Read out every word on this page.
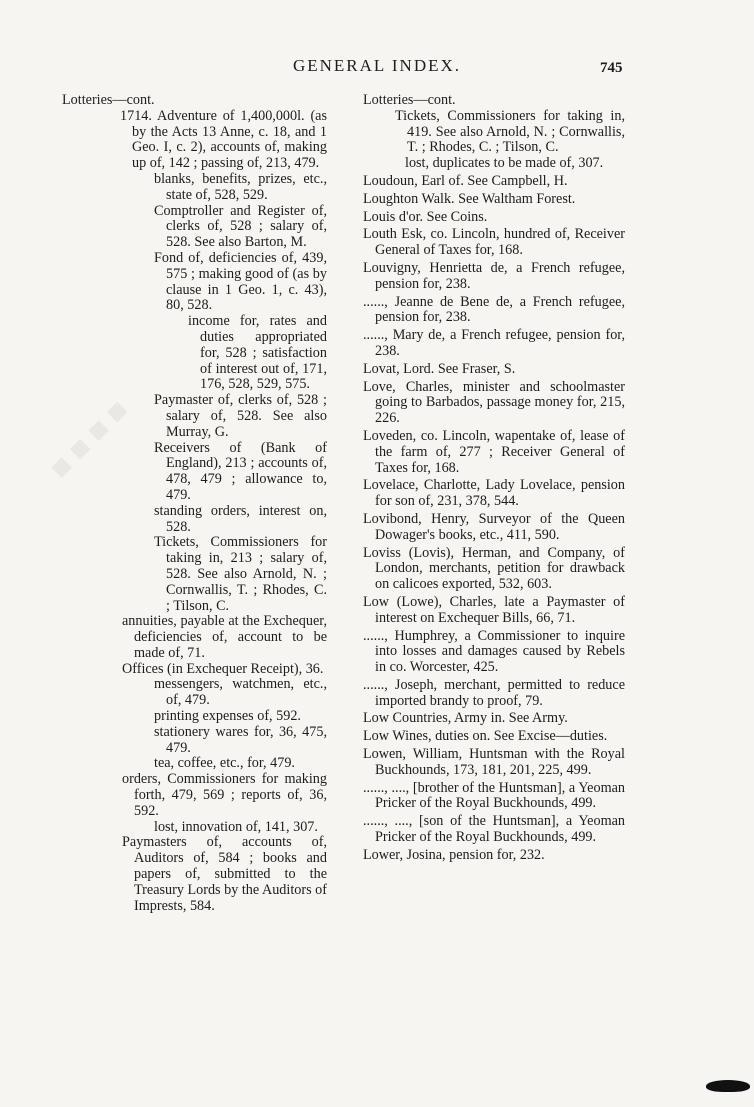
GENERAL INDEX.	745
■■■■

Lotteries—cont.

1714. Adventure of 1,400,000l. (as by the Acts 13 Anne, c. 18, and 1 Geo. I, c. 2), accounts of, making up of, 142 ; passing of, 213, 479.

blanks, benefits, prizes, etc., state of, 528, 529.

Comptroller and Register of, clerks of, 528 ; salary of, 528. See also Barton, M.

Fond of, deficiencies of, 439, 575 ; making good of (as by clause in 1 Geo. 1, c. 43), 80, 528.

income for, rates and duties appropriated for, 528 ; satisfaction of interest out of, 171, 176, 528, 529, 575.

Paymaster of, clerks of, 528 ; salary of, 528. See also Murray, G.

Receivers of (Bank of England), 213 ; accounts of, 478, 479 ; allowance to, 479.

standing orders, interest on, 528.

Tickets, Commissioners for taking in, 213 ; salary of, 528. See also Arnold, N. ; Cornwallis, T. ; Rhodes, C. ; Tilson, C.

annuities, payable at the Exchequer, deficiencies of, account to be made of, 71.

Offices (in Exchequer Receipt), 36.

messengers, watchmen, etc., of, 479.

printing expenses of, 592.

stationery wares for, 36, 475, 479.

tea, coffee, etc., for, 479.

orders, Commissioners for making forth, 479, 569 ; reports of, 36, 592.

lost, innovation of, 141, 307.

Paymasters of, accounts of, Auditors of, 584 ; books and papers of, submitted to the Treasury Lords by the Auditors of Imprests, 584.

Lotteries—cont.

Tickets, Commissioners for taking in, 419. See also Arnold, N. ; Cornwallis, T. ; Rhodes, C. ; Tilson, C.

lost, duplicates to be made of, 307.

Loudoun, Earl of. See Campbell, H.

Loughton Walk. See Waltham Forest.

Louis d'or. See Coins.

Louth Esk, co. Lincoln, hundred of, Receiver General of Taxes for, 168.

Louvigny, Henrietta de, a French refugee, pension for, 238.

......, Jeanne de Bene de, a French refugee, pension for, 238.

......, Mary de, a French refugee, pension for, 238.

Lovat, Lord. See Fraser, S.

Love, Charles, minister and schoolmaster going to Barbados, passage money for, 215, 226.

Loveden, co. Lincoln, wapentake of, lease of the farm of, 277 ; Receiver General of Taxes for, 168.

Lovelace, Charlotte, Lady Lovelace, pension for son of, 231, 378, 544.

Lovibond, Henry, Surveyor of the Queen Dowager's books, etc., 411, 590.

Loviss (Lovis), Herman, and Company, of London, merchants, petition for drawback on calicoes exported, 532, 603.

Low (Lowe), Charles, late a Paymaster of interest on Exchequer Bills, 66, 71.

......, Humphrey, a Commissioner to inquire into losses and damages caused by Rebels in co. Worcester, 425.

......, Joseph, merchant, permitted to reduce imported brandy to proof, 79.

Low Countries, Army in. See Army.

Low Wines, duties on. See Excise—duties.

Lowen, William, Huntsman with the Royal Buckhounds, 173, 181, 201, 225, 499.

......, ...., [brother of the Huntsman], a Yeoman Pricker of the Royal Buckhounds, 499.

......, ...., [son of the Huntsman], a Yeoman Pricker of the Royal Buckhounds, 499.

Lower, Josina, pension for, 232.
